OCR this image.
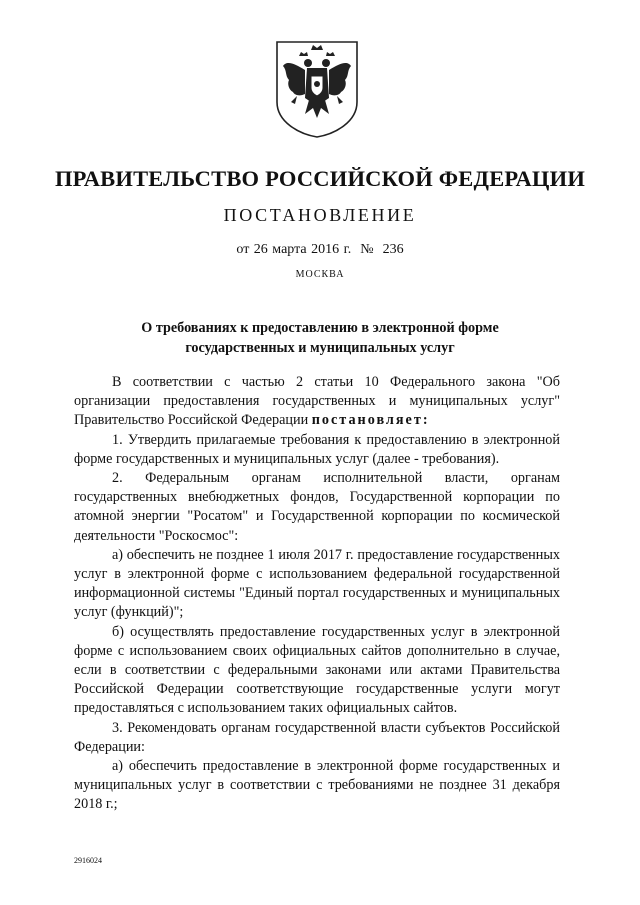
ПРАВИТЕЛЬСТВО РОССИЙСКОЙ ФЕДЕРАЦИИ
ПОСТАНОВЛЕНИЕ
от 26 марта 2016 г.  №  236
МОСКВА
О требованиях к предоставлению в электронной форме
государственных и муниципальных услуг

В соответствии с частью 2 статьи 10 Федерального закона "Об организации предоставления государственных и муниципальных услуг" Правительство Российской Федерации постановляет:

1. Утвердить прилагаемые требования к предоставлению в электронной форме государственных и муниципальных услуг (далее - требования).

2. Федеральным органам исполнительной власти, органам государственных внебюджетных фондов, Государственной корпорации по атомной энергии "Росатом" и Государственной корпорации по космической деятельности "Роскосмос":

а) обеспечить не позднее 1 июля 2017 г. предоставление государственных услуг в электронной форме с использованием федеральной государственной информационной системы "Единый портал государственных и муниципальных услуг (функций)";

б) осуществлять предоставление государственных услуг в электронной форме с использованием своих официальных сайтов дополнительно в случае, если в соответствии с федеральными законами или актами Правительства Российской Федерации соответствующие государственные услуги могут предоставляться с использованием таких официальных сайтов.

3. Рекомендовать органам государственной власти субъектов Российской Федерации:

а) обеспечить предоставление в электронной форме государственных и муниципальных услуг в соответствии с требованиями не позднее 31 декабря 2018 г.;

2916024
